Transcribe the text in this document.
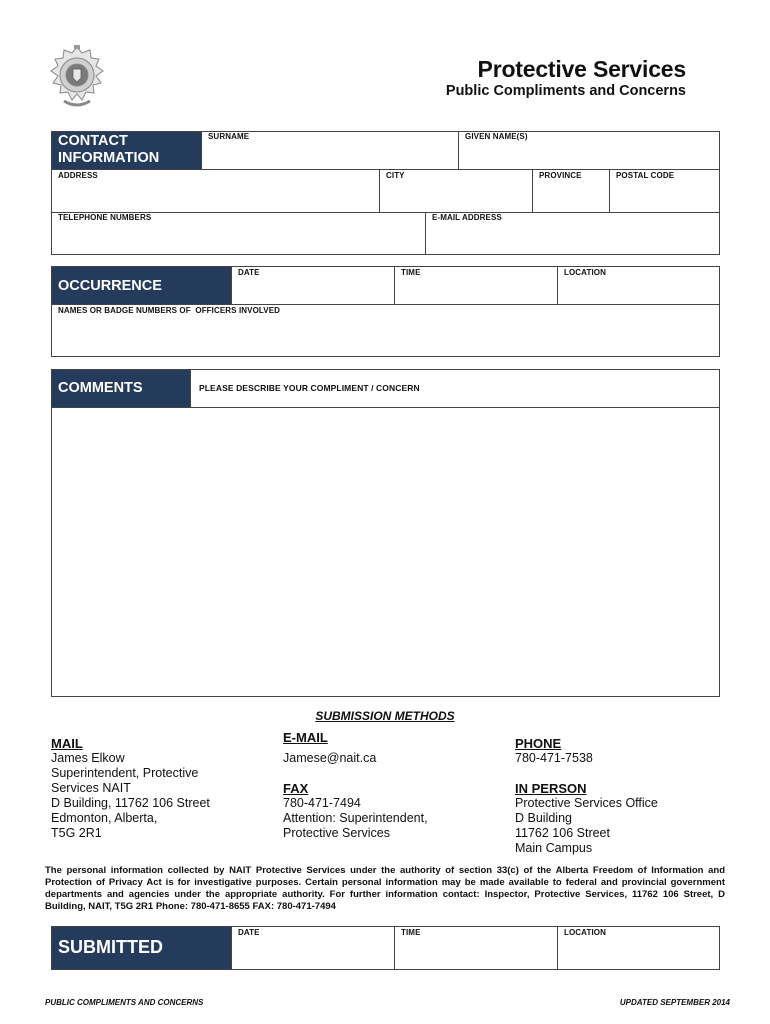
Protective Services
Public Compliments and Concerns
CONTACT
INFORMATION
SURNAME	GIVEN NAME(S)
ADDRESS	CITY	PROVINCE	POSTAL CODE
TELEPHONE NUMBERS	E-MAIL ADDRESS
OCCURRENCE
DATE	TIME	LOCATION
NAMES OR BADGE NUMBERS OF  OFFICERS INVOLVED
COMMENTS	PLEASE DESCRIBE YOUR COMPLIMENT / CONCERN
SUBMISSION METHODS
MAIL
James Elkow
Superintendent, Protective
Services NAIT
D Building, 11762 106 Street
Edmonton, Alberta,
T5G 2R1
E-MAIL
Jamese@nait.ca
FAX
780-471-7494
Attention: Superintendent,
Protective Services
PHONE
780-471-7538
IN PERSON
Protective Services Office
D Building
11762 106 Street
Main Campus
The personal information collected by NAIT Protective Services under the authority of section 33(c) of the Alberta Freedom of Information and Protection of Privacy Act is for investigative purposes. Certain personal information may be made available to federal and provincial government departments and agencies under the appropriate authority. For further information contact: Inspector, Protective Services, 11762 106 Street, D Building, NAIT, T5G 2R1 Phone: 780-471-8655 FAX: 780-471-7494
SUBMITTED
DATE	TIME	LOCATION
PUBLIC COMPLIMENTS AND CONCERNS	UPDATED SEPTEMBER 2014
